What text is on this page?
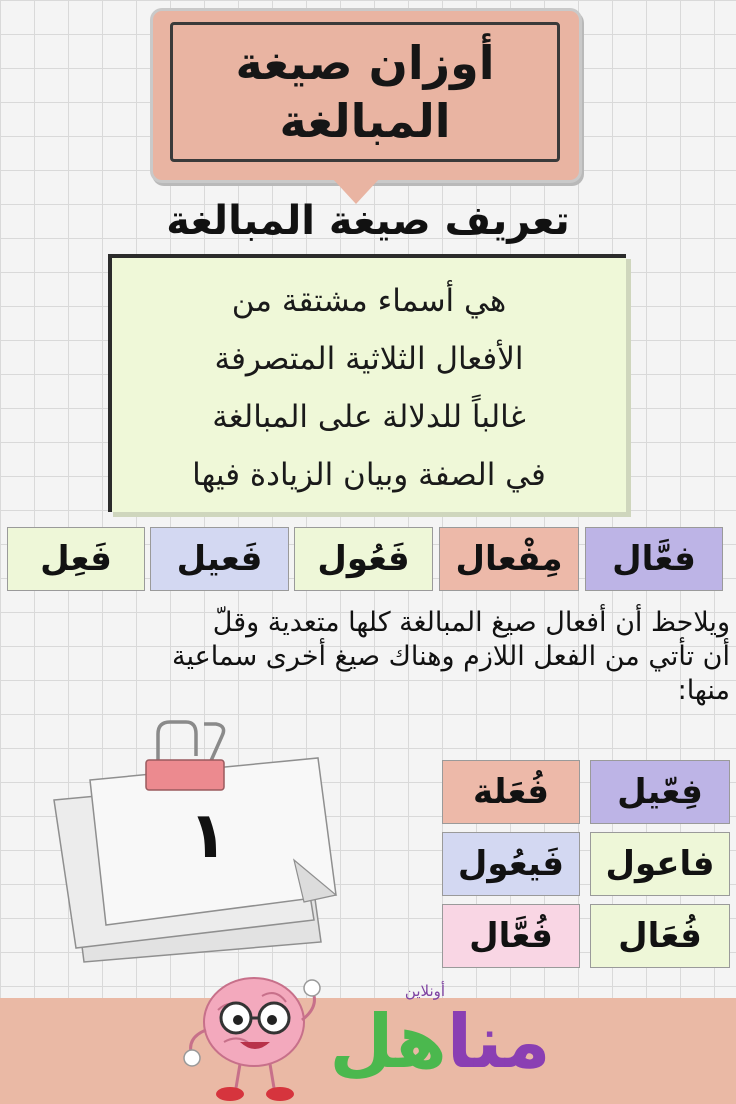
أوزان صيغة
المبالغة
تعريف صيغة المبالغة
هي أسماء مشتقة من
الأفعال الثلاثية المتصرفة
غالباً للدلالة على المبالغة
في الصفة وبيان الزيادة فيها
فعَّال
مِفْعال
فَعُول
فَعيل
فَعِل
ويلاحظ أن أفعال صيغ المبالغة كلها متعدية وقلّ
أن تأتي من الفعل اللازم وهناك صيغ أخرى سماعية
منها:
١
فِعّيل
فُعَلة
فاعول
فَيعُول
فُعَال
فُعَّال
أونلاين
مناهل
